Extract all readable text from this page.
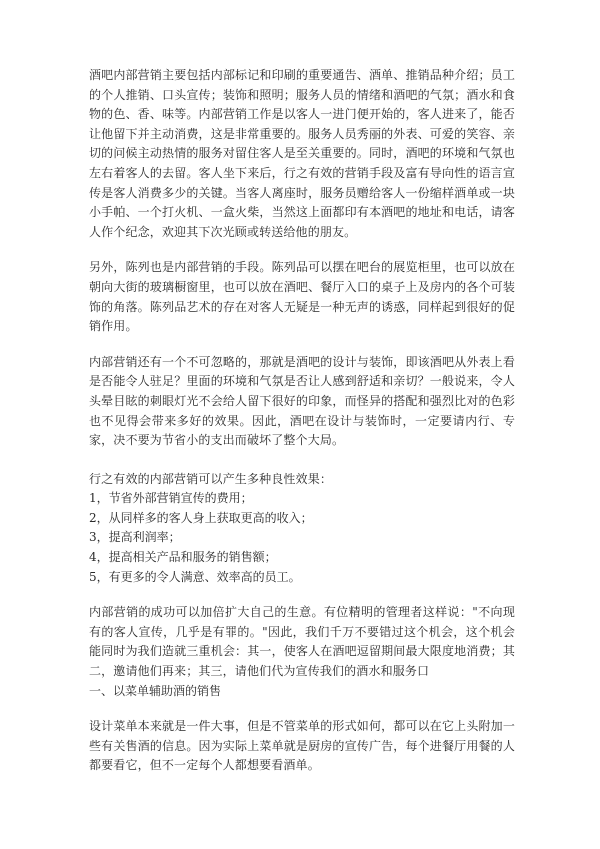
酒吧内部营销主要包括内部标记和印刷的重要通告、酒单、推销品种介绍；员工的个人推销、口头宣传；装饰和照明；服务人员的情绪和酒吧的气氛；酒水和食物的色、香、味等。内部营销工作是以客人一进门便开始的，客人进来了，能否让他留下并主动消费，这是非常重要的。服务人员秀丽的外表、可爱的笑容、亲切的问候主动热情的服务对留住客人是至关重要的。同时，酒吧的环境和气氛也左右着客人的去留。客人坐下来后，行之有效的营销手段及富有导向性的语言宣传是客人消费多少的关键。当客人离座时，服务员赠给客人一份缩样酒单或一块小手帕、一个打火机、一盒火柴，当然这上面都印有本酒吧的地址和电话，请客人作个纪念，欢迎其下次光顾或转送给他的朋友。

另外，陈列也是内部营销的手段。陈列品可以摆在吧台的展览柜里，也可以放在朝向大街的玻璃橱窗里，也可以放在酒吧、餐厅入口的桌子上及房内的各个可装饰的角落。陈列品艺术的存在对客人无疑是一种无声的诱惑，同样起到很好的促销作用。

内部营销还有一个不可忽略的，那就是酒吧的设计与装饰，即该酒吧从外表上看是否能令人驻足？里面的环境和气氛是否让人感到舒适和亲切？一般说来，令人头晕目眩的刺眼灯光不会给人留下很好的印象，而怪异的搭配和强烈比对的色彩也不见得会带来多好的效果。因此，酒吧在设计与装饰时，一定要请内行、专家，决不要为节省小的支出而破坏了整个大局。

行之有效的内部营销可以产生多种良性效果：

1，节省外部营销宣传的费用；

2，从同样多的客人身上获取更高的收入；

3，提高利润率；

4，提高相关产品和服务的销售额；

5，有更多的令人满意、效率高的员工。

内部营销的成功可以加倍扩大自己的生意。有位精明的管理者这样说："不向现有的客人宣传，几乎是有罪的。"因此，我们千万不要错过这个机会，这个机会能同时为我们造就三重机会：其一，使客人在酒吧逗留期间最大限度地消费；其二，邀请他们再来；其三，请他们代为宣传我们的酒水和服务口

一、以菜单辅助酒的销售

设计菜单本来就是一件大事，但是不管菜单的形式如何，都可以在它上头附加一些有关售酒的信息。因为实际上菜单就是厨房的宣传广告，每个进餐厅用餐的人都要看它，但不一定每个人都想要看酒单。
